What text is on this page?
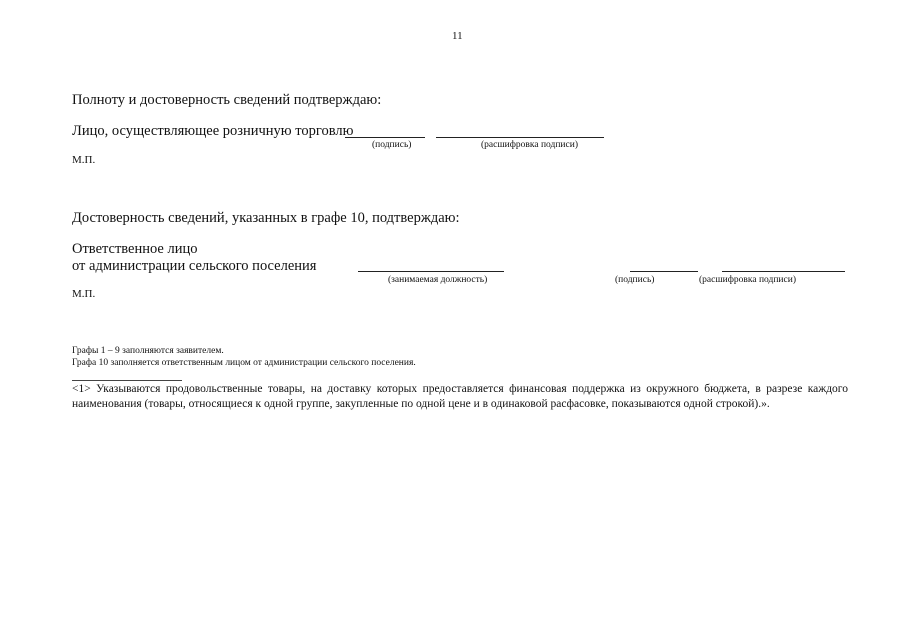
11
Полноту и достоверность сведений подтверждаю:
Лицо, осуществляющее розничную торговлю
(подпись)	(расшифровка подписи)
М.П.
Достоверность сведений, указанных в графе 10, подтверждаю:
Ответственное лицо
от администрации сельского поселения
(занимаемая должность)	(подпись)	(расшифровка подписи)
М.П.
Графы 1 – 9 заполняются заявителем.
Графа 10 заполняется ответственным лицом от администрации сельского поселения.
<1> Указываются продовольственные товары, на доставку которых предоставляется финансовая поддержка из окружного бюджета, в разрезе каждого наименования (товары, относящиеся к одной группе, закупленные по одной цене и в одинаковой расфасовке, показываются одной строкой).».
